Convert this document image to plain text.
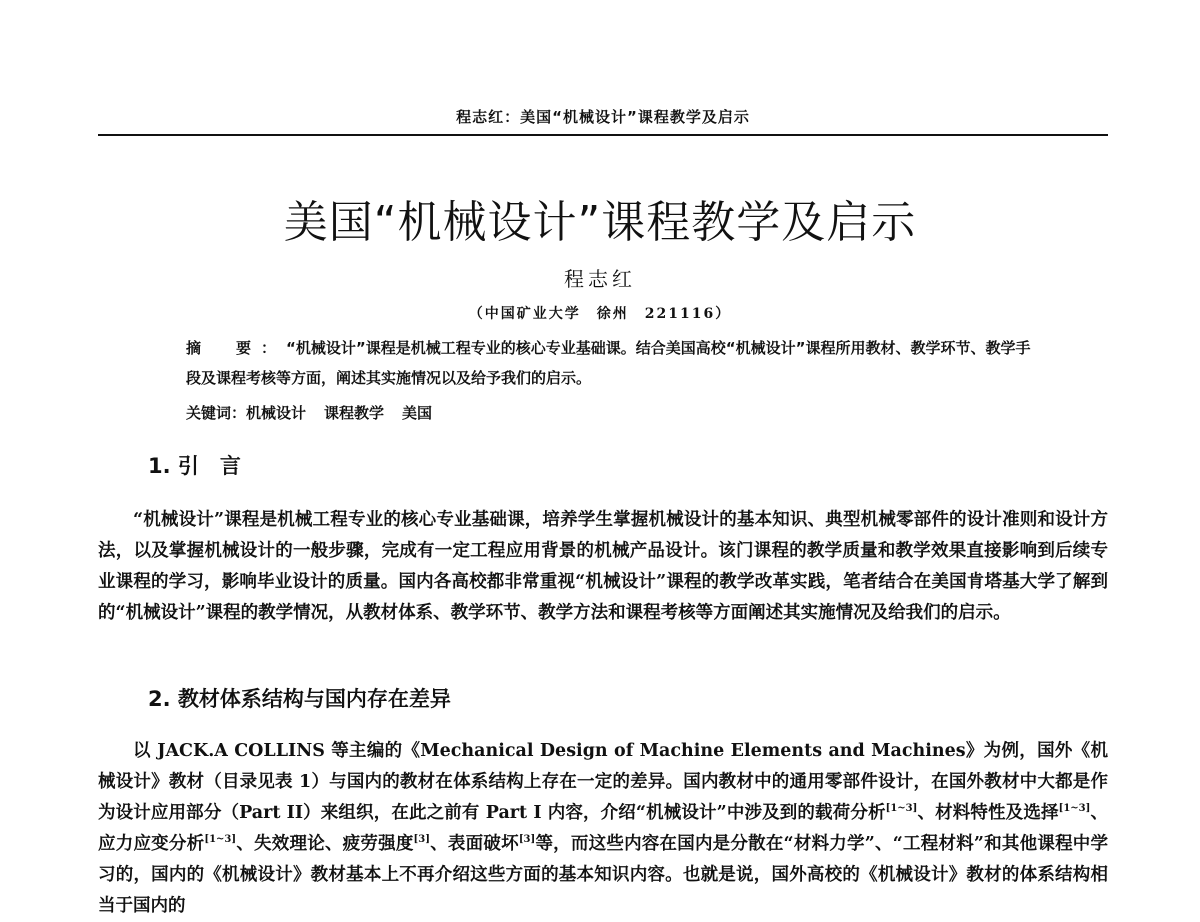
程志红：美国“机械设计”课程教学及启示
美国“机械设计”课程教学及启示

程志红

（中国矿业大学　徐州　221116）

摘　要：“机械设计”课程是机械工程专业的核心专业基础课。结合美国高校“机械设计”课程所用教材、教学环节、教学手段及课程考核等方面，阐述其实施情况以及给予我们的启示。

关键词：机械设计 课程教学 美国
1. 引　言

“机械设计”课程是机械工程专业的核心专业基础课，培养学生掌握机械设计的基本知识、典型机械零部件的设计准则和设计方法，以及掌握机械设计的一般步骤，完成有一定工程应用背景的机械产品设计。该门课程的教学质量和教学效果直接影响到后续专业课程的学习，影响毕业设计的质量。国内各高校都非常重视“机械设计”课程的教学改革实践，笔者结合在美国肯塔基大学了解到的“机械设计”课程的教学情况，从教材体系、教学环节、教学方法和课程考核等方面阐述其实施情况及给我们的启示。

2. 教材体系结构与国内存在差异

以 JACK.A COLLINS 等主编的《Mechanical Design of Machine Elements and Machines》为例，国外《机械设计》教材（目录见表 1）与国内的教材在体系结构上存在一定的差异。国内教材中的通用零部件设计，在国外教材中大都是作为设计应用部分（Part II）来组织，在此之前有 Part I 内容，介绍“机械设计”中涉及到的载荷分析[1~3]、材料特性及选择[1~3]、应力应变分析[1~3]、失效理论、疲劳强度[3]、表面破坏[3]等，而这些内容在国内是分散在“材料力学”、“工程材料”和其他课程中学习的，国内的《机械设计》教材基本上不再介绍这些方面的基本知识内容。也就是说，国外高校的《机械设计》教材的体系结构相当于国内的
